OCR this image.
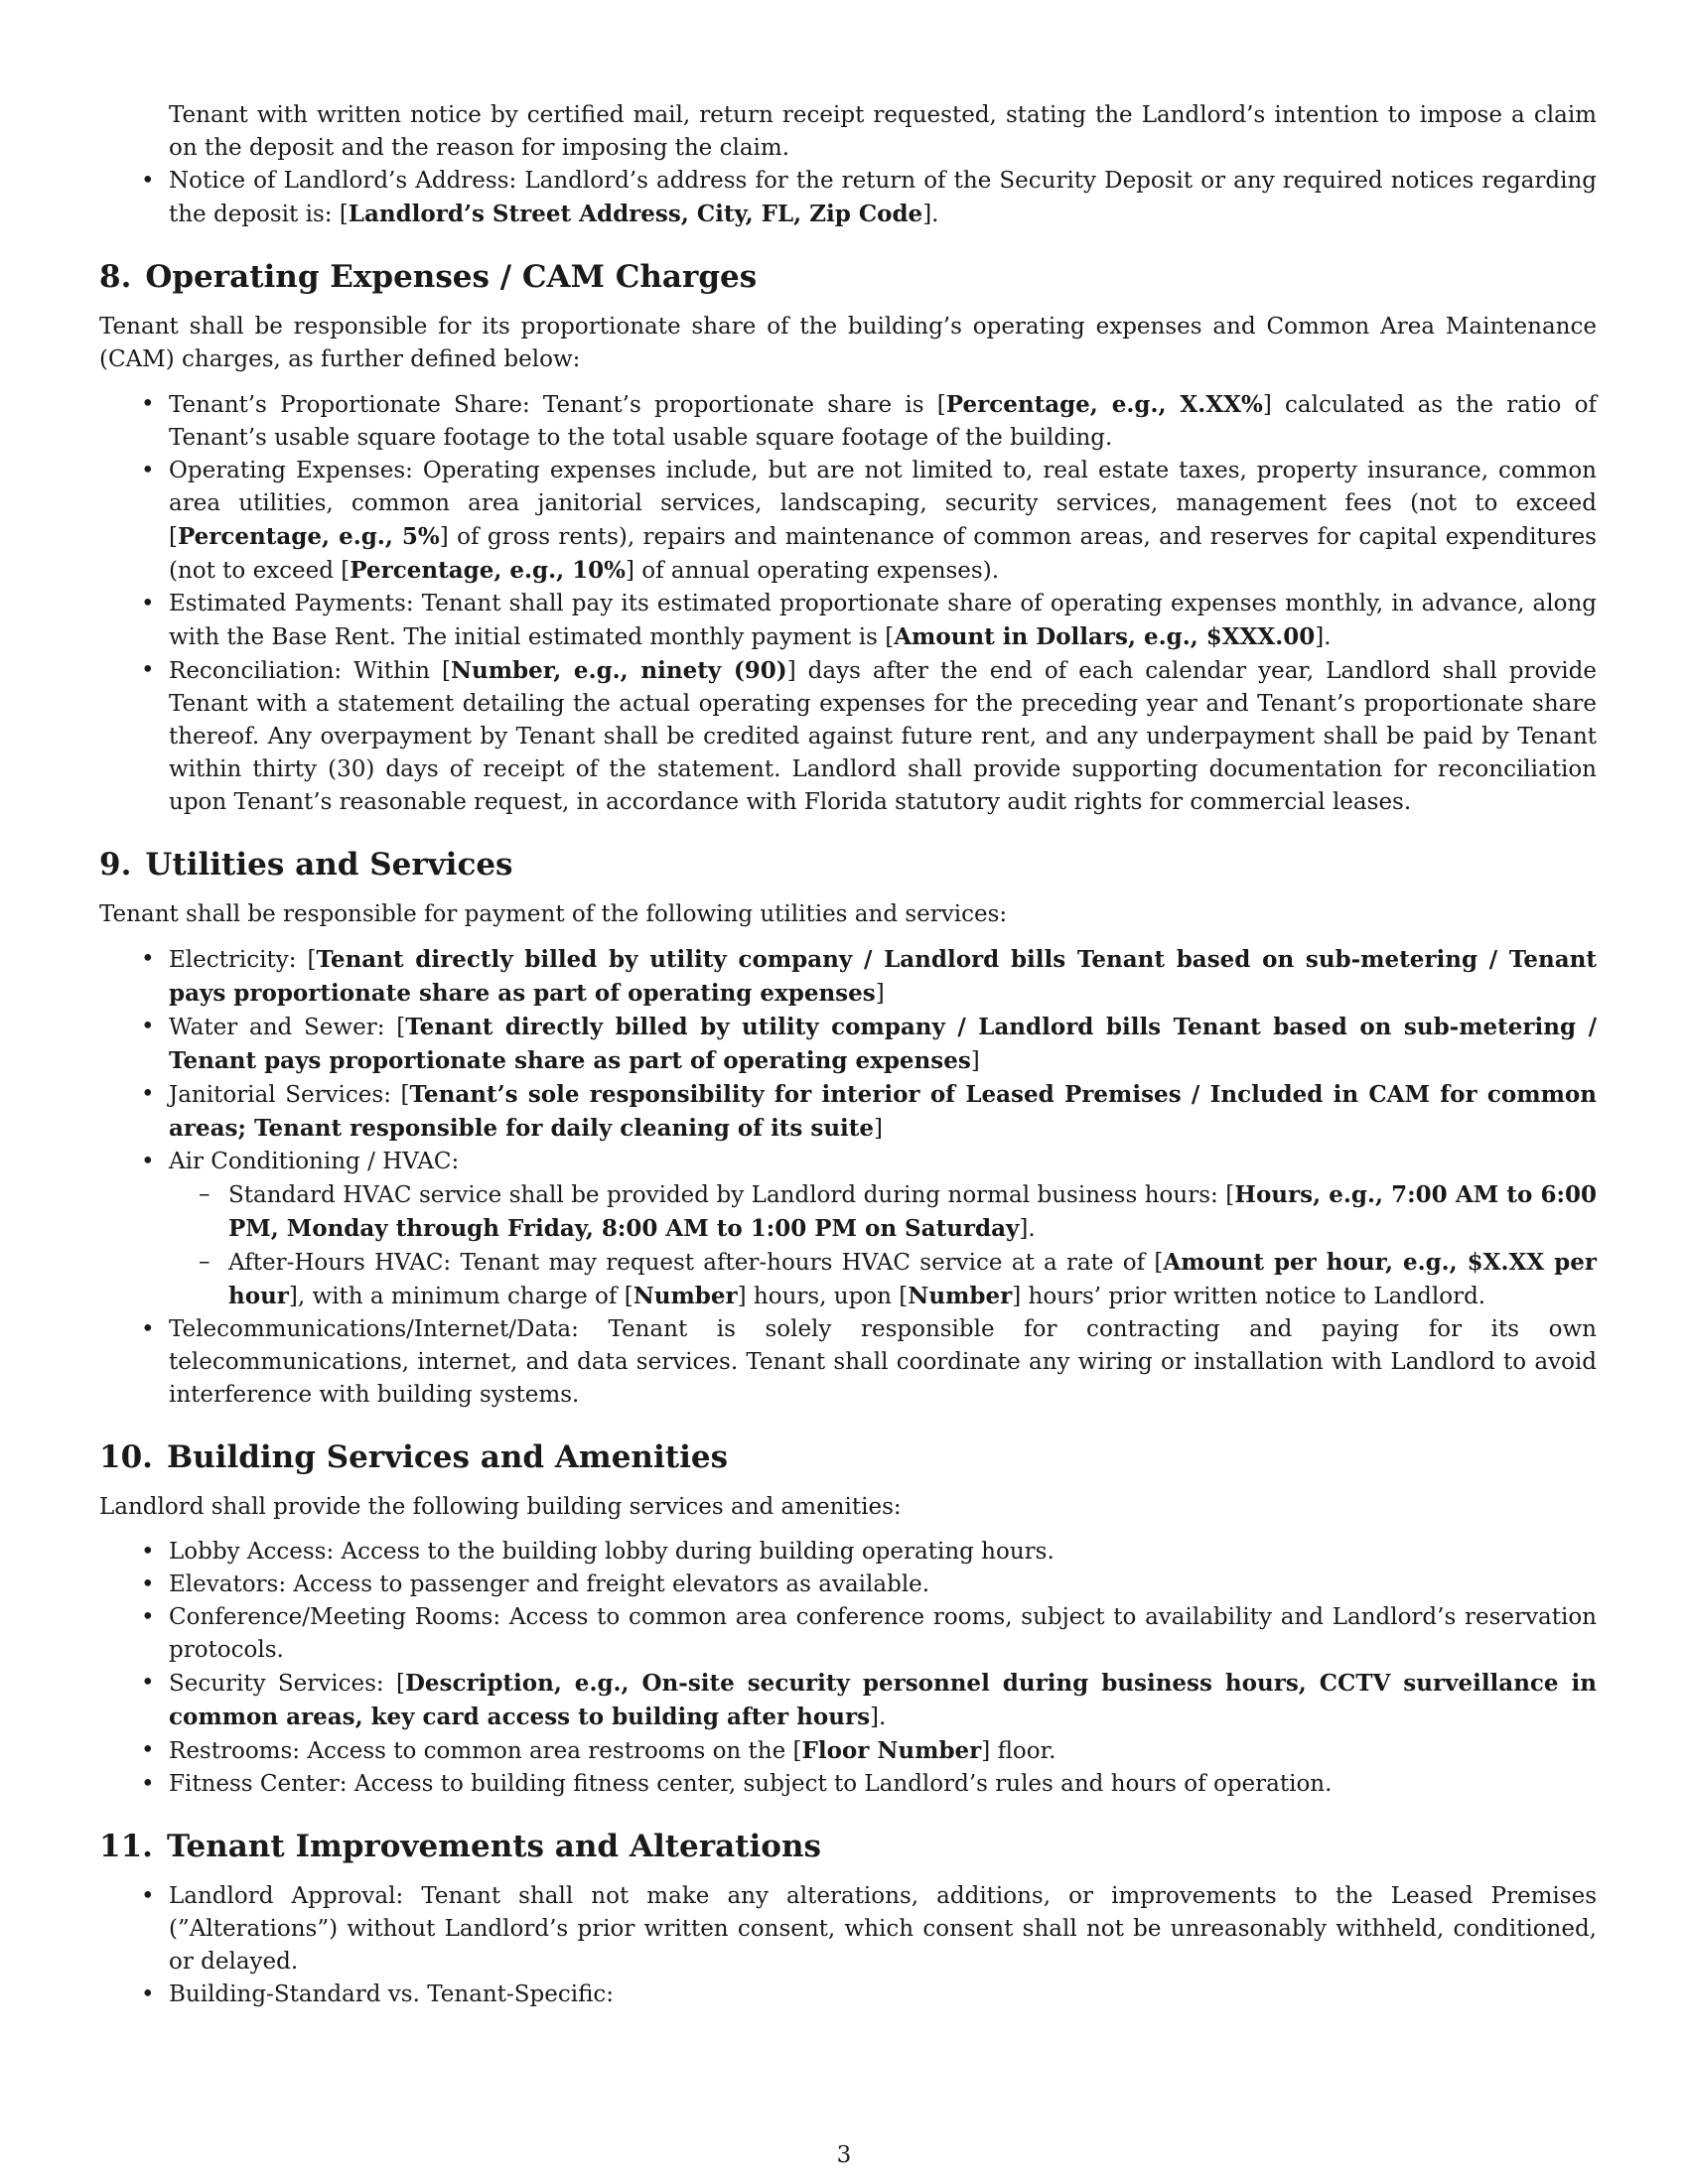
Tenant with written notice by certified mail, return receipt requested, stating the Landlord’s intention to impose a claim on the deposit and the reason for imposing the claim.

• Notice of Landlord’s Address: Landlord’s address for the return of the Security Deposit or any required notices regarding the deposit is: [Landlord’s Street Address, City, FL, Zip Code].
8. Operating Expenses / CAM Charges

Tenant shall be responsible for its proportionate share of the building’s operating expenses and Common Area Maintenance (CAM) charges, as further defined below:

• Tenant’s Proportionate Share: Tenant’s proportionate share is [Percentage, e.g., X.XX%] calculated as the ratio of Tenant’s usable square footage to the total usable square footage of the building.
• Operating Expenses: Operating expenses include, but are not limited to, real estate taxes, property insurance, common area utilities, common area janitorial services, landscaping, security services, management fees (not to exceed [Percentage, e.g., 5%] of gross rents), repairs and maintenance of common areas, and reserves for capital expenditures (not to exceed [Percentage, e.g., 10%] of annual operating expenses).
• Estimated Payments: Tenant shall pay its estimated proportionate share of operating expenses monthly, in advance, along with the Base Rent. The initial estimated monthly payment is [Amount in Dollars, e.g., $XXX.00].
• Reconciliation: Within [Number, e.g., ninety (90)] days after the end of each calendar year, Landlord shall provide Tenant with a statement detailing the actual operating expenses for the preceding year and Tenant’s proportionate share thereof. Any overpayment by Tenant shall be credited against future rent, and any underpayment shall be paid by Tenant within thirty (30) days of receipt of the statement. Landlord shall provide supporting documentation for reconciliation upon Tenant’s reasonable request, in accordance with Florida statutory audit rights for commercial leases.
9. Utilities and Services

Tenant shall be responsible for payment of the following utilities and services:

• Electricity: [Tenant directly billed by utility company / Landlord bills Tenant based on sub-metering / Tenant pays proportionate share as part of operating expenses]
• Water and Sewer: [Tenant directly billed by utility company / Landlord bills Tenant based on sub-metering / Tenant pays proportionate share as part of operating expenses]
• Janitorial Services: [Tenant’s sole responsibility for interior of Leased Premises / Included in CAM for common areas; Tenant responsible for daily cleaning of its suite]
• Air Conditioning / HVAC:
– Standard HVAC service shall be provided by Landlord during normal business hours: [Hours, e.g., 7:00 AM to 6:00 PM, Monday through Friday, 8:00 AM to 1:00 PM on Saturday].
– After-Hours HVAC: Tenant may request after-hours HVAC service at a rate of [Amount per hour, e.g., $X.XX per hour], with a minimum charge of [Number] hours, upon [Number] hours’ prior written notice to Landlord.
• Telecommunications/Internet/Data: Tenant is solely responsible for contracting and paying for its own telecommunications, internet, and data services. Tenant shall coordinate any wiring or installation with Landlord to avoid interference with building systems.
10. Building Services and Amenities

Landlord shall provide the following building services and amenities:

• Lobby Access: Access to the building lobby during building operating hours.
• Elevators: Access to passenger and freight elevators as available.
• Conference/Meeting Rooms: Access to common area conference rooms, subject to availability and Landlord’s reservation protocols.
• Security Services: [Description, e.g., On-site security personnel during business hours, CCTV surveillance in common areas, key card access to building after hours].
• Restrooms: Access to common area restrooms on the [Floor Number] floor.
• Fitness Center: Access to building fitness center, subject to Landlord’s rules and hours of operation.
11. Tenant Improvements and Alterations
• Landlord Approval: Tenant shall not make any alterations, additions, or improvements to the Leased Premises (”Alterations”) without Landlord’s prior written consent, which consent shall not be unreasonably withheld, conditioned, or delayed.
• Building-Standard vs. Tenant-Specific:
3
